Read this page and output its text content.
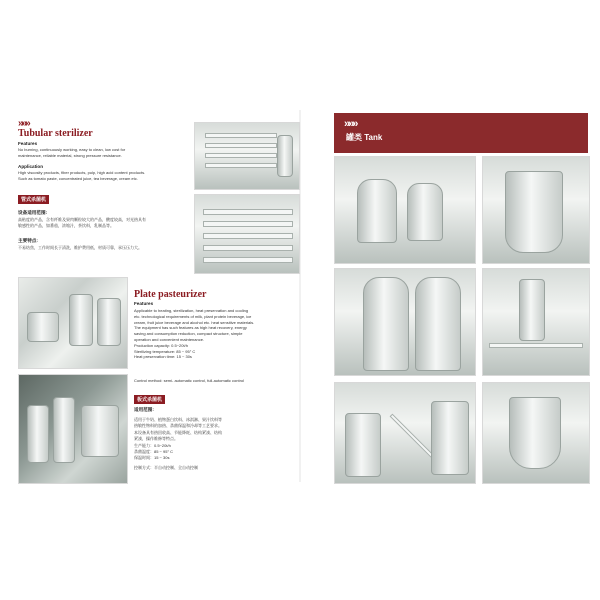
»»»
Tubular sterilizer
Features
No burning, continuously working, easy to clean, low cost for
maintenance, reliable material, strong pressure resistance.
Application
High viscosity products, fiber products, pulp, high acid content products.
Such as tomato paste, concentrated juice, tea beverage, cream etc.
管式杀菌机
设备适用范围:
高粘度的产品，含有纤维及果肉颗粒较大的产品，酸度较高，对光热具有
敏感性的产品，如番茄，浓缩汁，茶饮料，乳制品等。
主要特点:
不易结焦，工作时间长于清洗，维护费用低，材质可靠，承压压力大。
Plate pasteurizer
Features
Applicable to heating, sterilization, heat preservation and cooling
etc. technological requirements of milk, plant protein beverage, ice
cream, fruit juice beverage and alcohol etc. heat sensitive materials.
The equipment has such features as high heat recovery, energy
saving and consumption reduction, compact structure, simple
operation and convenient maintenance.
Production capacity: 0.5~20t/h
Sterilizing temperature: 85 ~ 95° C
Heat preservation time: 15 ~ 30s
Control method: semi- automatic control, full-automatic control
板式杀菌机
适用范围:
适用于牛奶、植物蛋白饮料、冰淇淋、果汁饮料等
热敏性物料的加热、杀菌保温和冷却等工艺要求。
本设备具有热回收高、节能降耗、结构紧凑、结构
紧凑，操作维修等特点。
生产能力：0.5~20t/h
杀菌温度：85 ~ 95° C
保温时间：15 ~ 30s
控制方式：半自动控制、全自动控制
»»»
罐类 Tank
